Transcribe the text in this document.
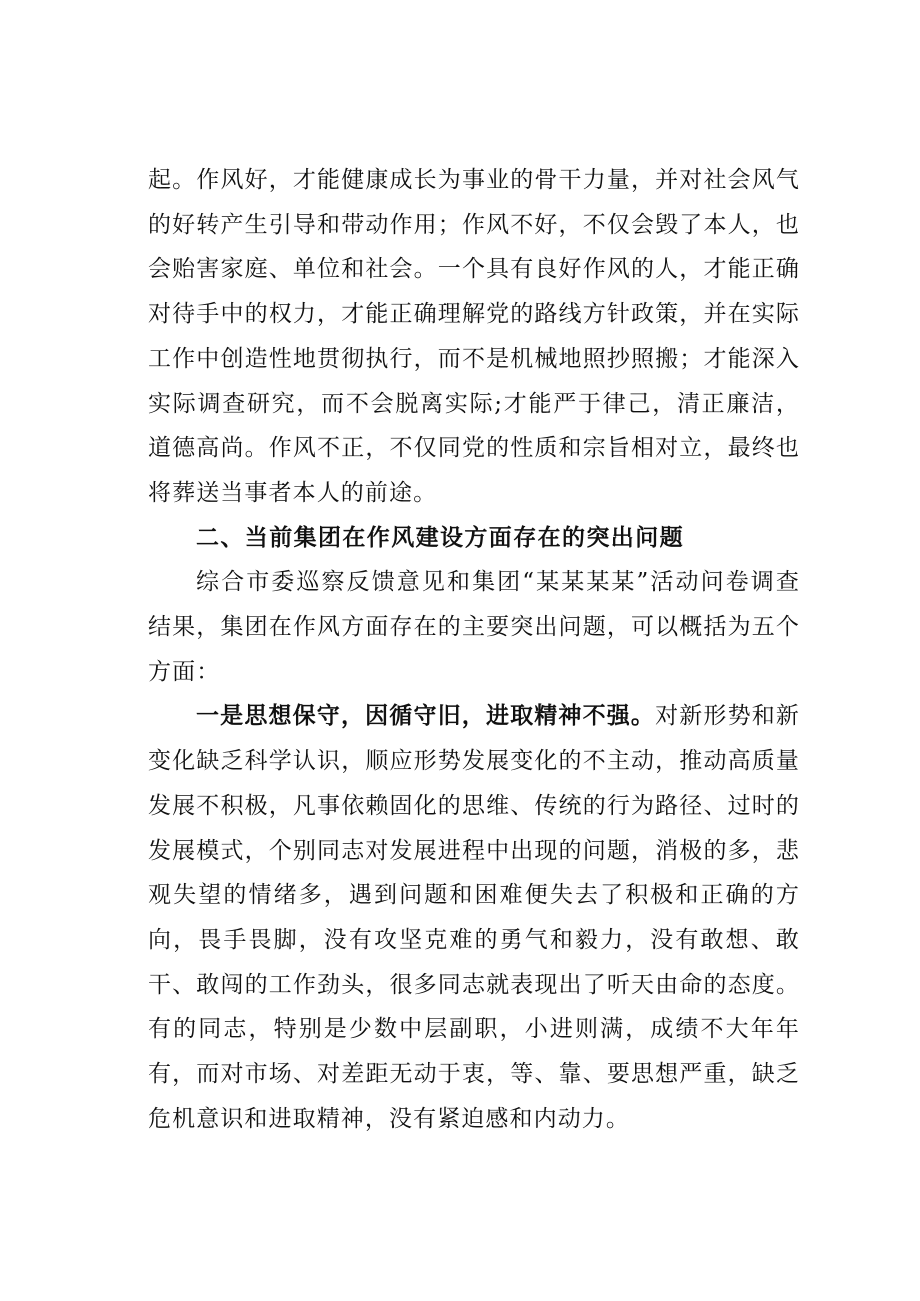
起。作风好，才能健康成长为事业的骨干力量，并对社会风气的好转产生引导和带动作用；作风不好，不仅会毁了本人，也会贻害家庭、单位和社会。一个具有良好作风的人，才能正确对待手中的权力，才能正确理解党的路线方针政策，并在实际工作中创造性地贯彻执行，而不是机械地照抄照搬；才能深入实际调查研究，而不会脱离实际;才能严于律己，清正廉洁，道德高尚。作风不正，不仅同党的性质和宗旨相对立，最终也将葬送当事者本人的前途。

二、当前集团在作风建设方面存在的突出问题

综合市委巡察反馈意见和集团“某某某某”活动问卷调查结果，集团在作风方面存在的主要突出问题，可以概括为五个方面：

一是思想保守，因循守旧，进取精神不强。对新形势和新变化缺乏科学认识，顺应形势发展变化的不主动，推动高质量发展不积极，凡事依赖固化的思维、传统的行为路径、过时的发展模式，个别同志对发展进程中出现的问题，消极的多，悲观失望的情绪多，遇到问题和困难便失去了积极和正确的方向，畏手畏脚，没有攻坚克难的勇气和毅力，没有敢想、敢干、敢闯的工作劲头，很多同志就表现出了听天由命的态度。有的同志，特别是少数中层副职，小进则满，成绩不大年年有，而对市场、对差距无动于衷，等、靠、要思想严重，缺乏危机意识和进取精神，没有紧迫感和内动力。
